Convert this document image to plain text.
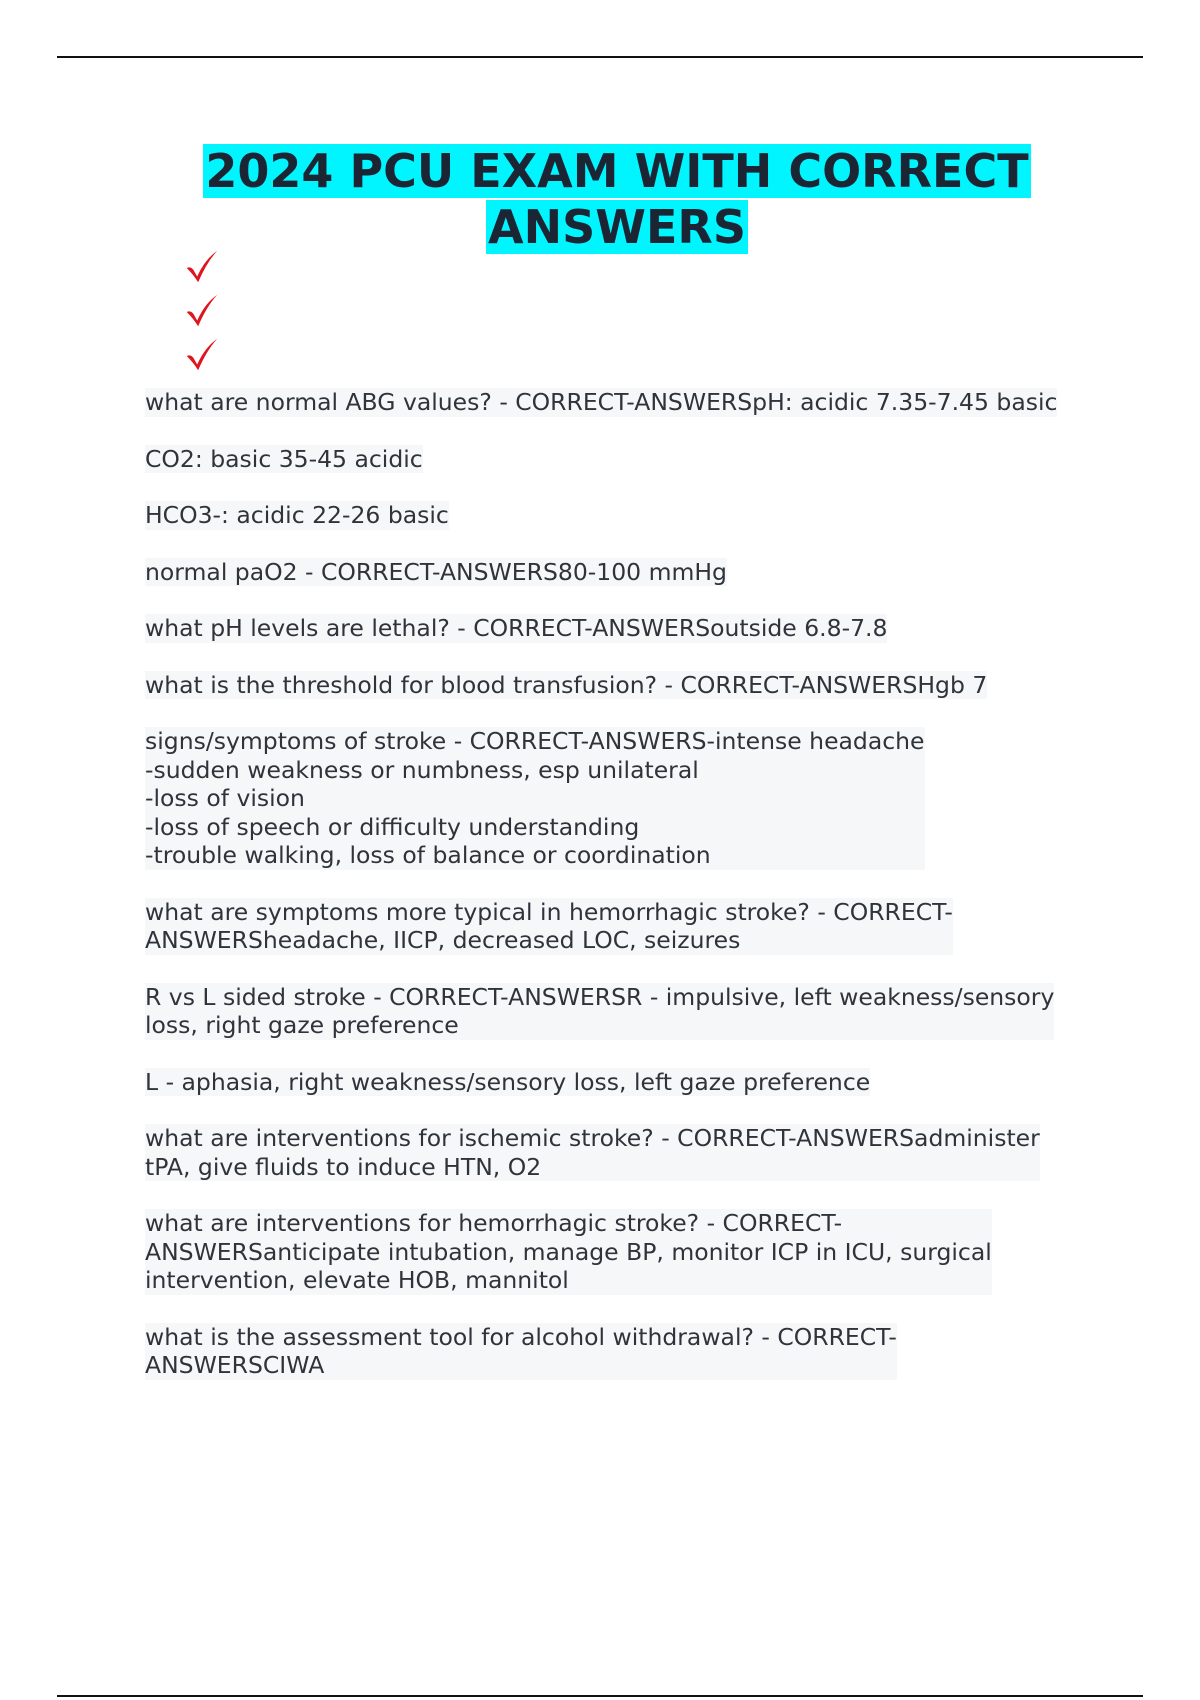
2024 PCU EXAM WITH CORRECT ANSWERS
what are normal ABG values? - CORRECT-ANSWERSpH: acidic 7.35-7.45 basic
CO2: basic 35-45 acidic
HCO3-: acidic 22-26 basic
normal paO2 - CORRECT-ANSWERS80-100 mmHg
what pH levels are lethal? - CORRECT-ANSWERSoutside 6.8-7.8
what is the threshold for blood transfusion? - CORRECT-ANSWERSHgb 7
signs/symptoms of stroke - CORRECT-ANSWERS-intense headache
-sudden weakness or numbness, esp unilateral
-loss of vision
-loss of speech or difficulty understanding
-trouble walking, loss of balance or coordination
what are symptoms more typical in hemorrhagic stroke? - CORRECT-
ANSWERSheadache, IICP, decreased LOC, seizures
R vs L sided stroke - CORRECT-ANSWERSR - impulsive, left weakness/sensory
loss, right gaze preference
L - aphasia, right weakness/sensory loss, left gaze preference
what are interventions for ischemic stroke? - CORRECT-ANSWERSadminister
tPA, give fluids to induce HTN, O2
what are interventions for hemorrhagic stroke? - CORRECT-
ANSWERSanticipate intubation, manage BP, monitor ICP in ICU, surgical
intervention, elevate HOB, mannitol
what is the assessment tool for alcohol withdrawal? - CORRECT-
ANSWERSCIWA
